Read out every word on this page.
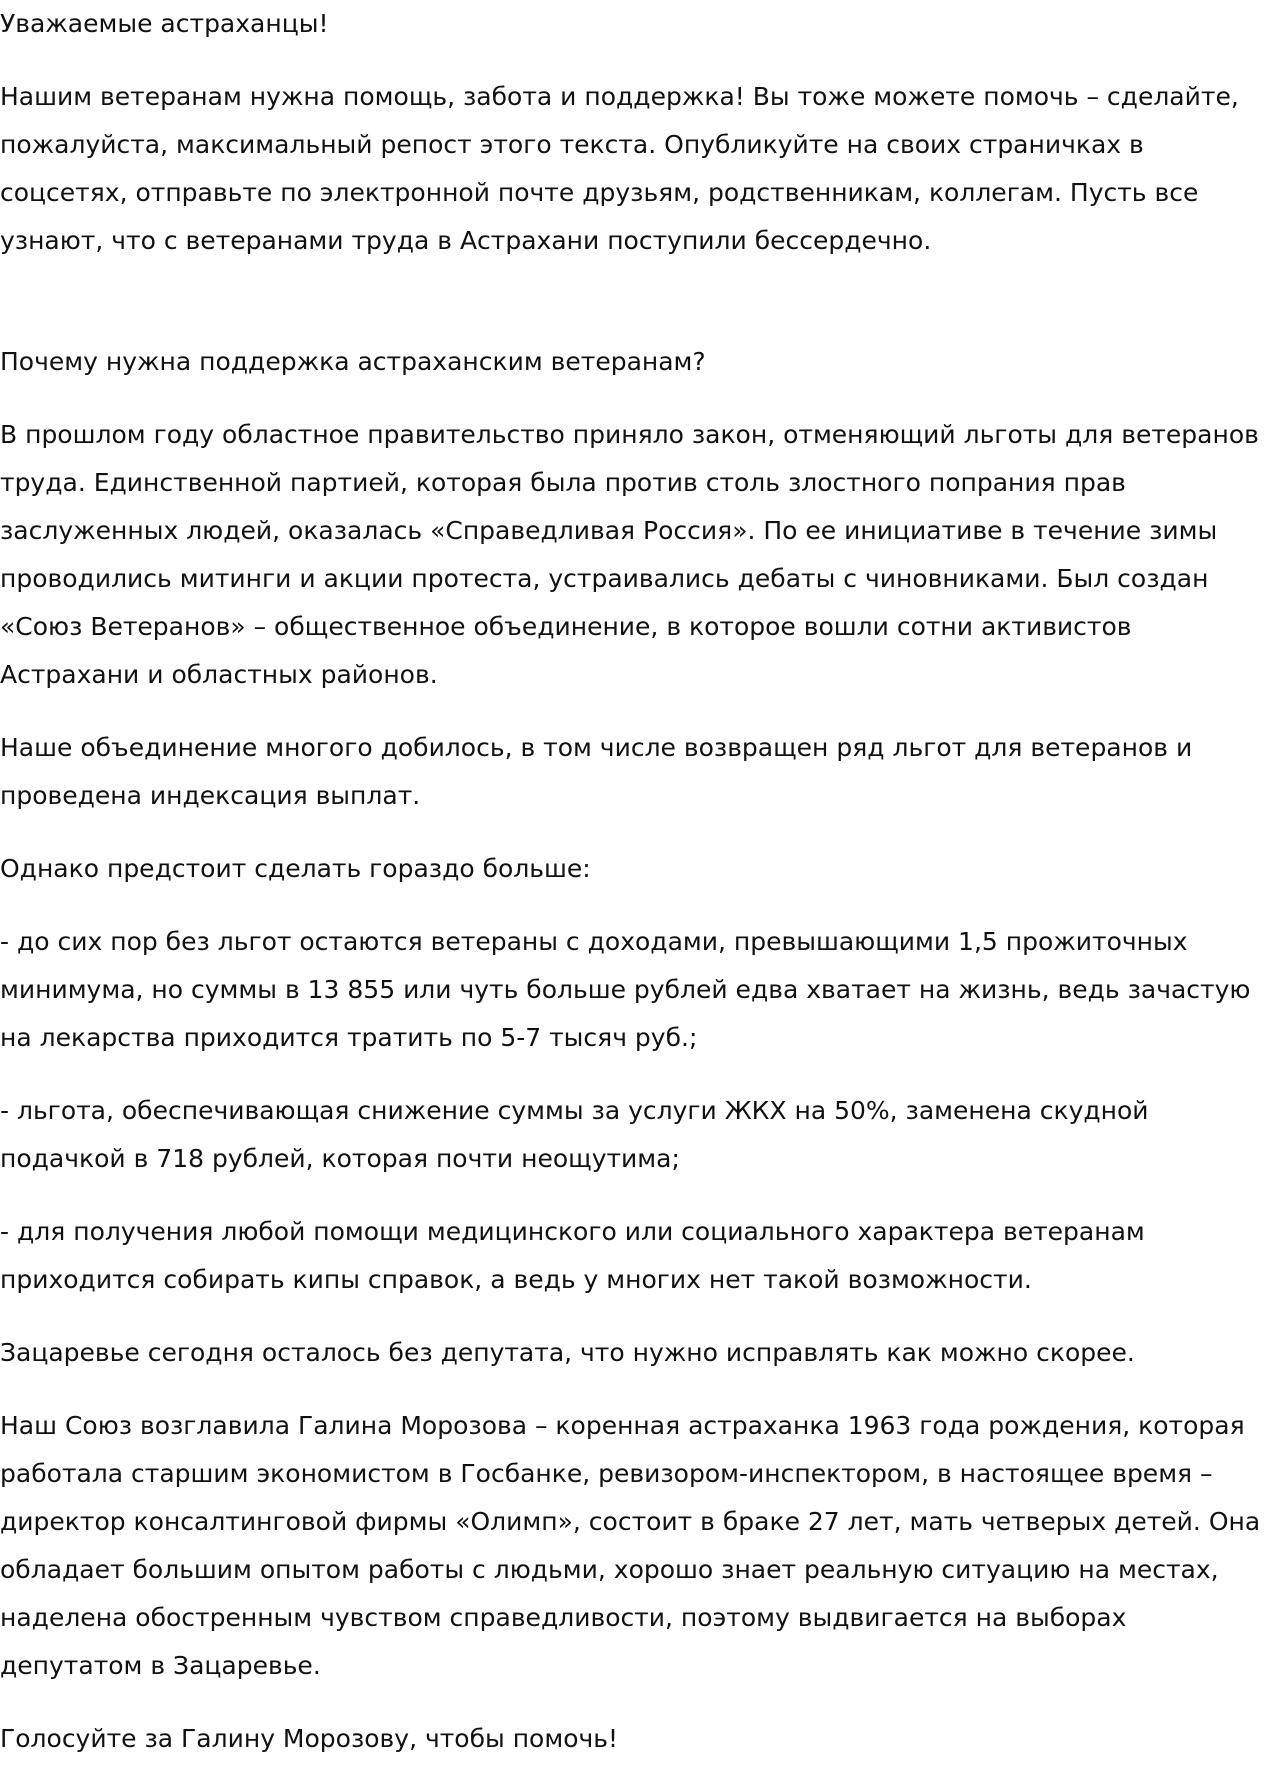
Уважаемые астраханцы!

Нашим ветеранам нужна помощь, забота и поддержка! Вы тоже можете помочь – сделайте, пожалуйста, максимальный репост этого текста. Опубликуйте на своих страничках в соцсетях, отправьте по электронной почте друзьям, родственникам, коллегам. Пусть все узнают, что с ветеранами труда в Астрахани поступили бессердечно.

Почему нужна поддержка астраханским ветеранам?

В прошлом году областное правительство приняло закон, отменяющий льготы для ветеранов труда. Единственной партией, которая была против столь злостного попрания прав заслуженных людей, оказалась «Справедливая Россия». По ее инициативе в течение зимы проводились митинги и акции протеста, устраивались дебаты с чиновниками. Был создан «Союз Ветеранов» – общественное объединение, в которое вошли сотни активистов Астрахани и областных районов.

Наше объединение многого добилось, в том числе возвращен ряд льгот для ветеранов и проведена индексация выплат.

Однако предстоит сделать гораздо больше:

- до сих пор без льгот остаются ветераны с доходами, превышающими 1,5 прожиточных минимума, но суммы в 13 855 или чуть больше рублей едва хватает на жизнь, ведь зачастую на лекарства приходится тратить по 5-7 тысяч руб.;

- льгота, обеспечивающая снижение суммы за услуги ЖКХ на 50%, заменена скудной подачкой в 718 рублей, которая почти неощутима;

- для получения любой помощи медицинского или социального характера ветеранам приходится собирать кипы справок, а ведь у многих нет такой возможности.

Зацаревье сегодня осталось без депутата, что нужно исправлять как можно скорее.

Наш Союз возглавила Галина Морозова – коренная астраханка 1963 года рождения, которая работала старшим экономистом в Госбанке, ревизором-инспектором, в настоящее время – директор консалтинговой фирмы «Олимп», состоит в браке 27 лет, мать четверых детей. Она обладает большим опытом работы с людьми, хорошо знает реальную ситуацию на местах, наделена обостренным чувством справедливости, поэтому выдвигается на выборах депутатом в Зацаревье.

Голосуйте за Галину Морозову, чтобы помочь!
